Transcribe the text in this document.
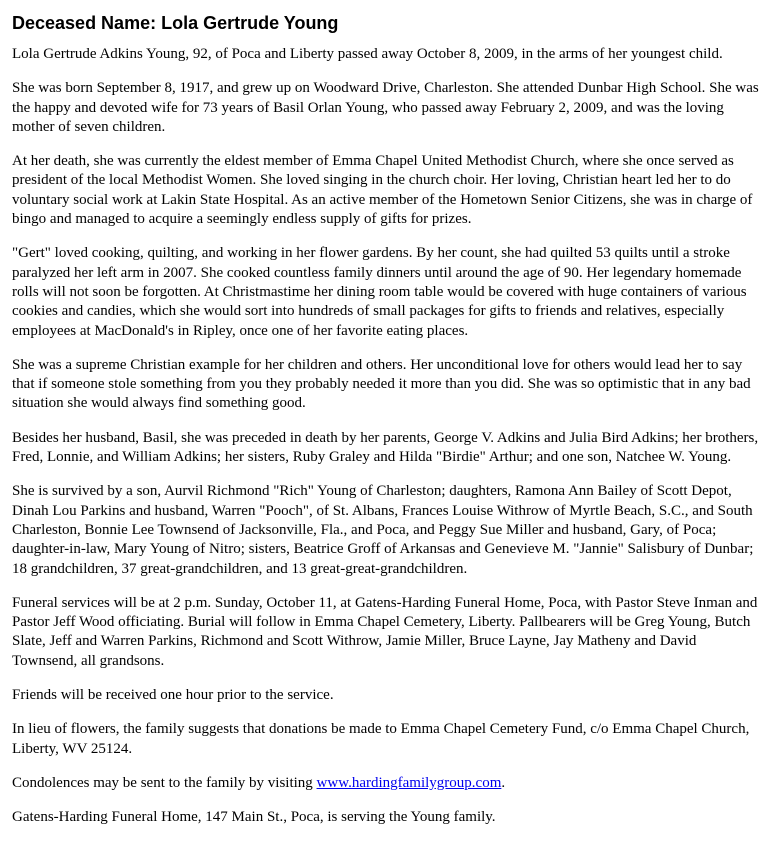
Deceased Name: Lola Gertrude Young

Lola Gertrude Adkins Young, 92, of Poca and Liberty passed away October 8, 2009, in the arms of her youngest child.

She was born September 8, 1917, and grew up on Woodward Drive, Charleston. She attended Dunbar High School. She was the happy and devoted wife for 73 years of Basil Orlan Young, who passed away February 2, 2009, and was the loving mother of seven children.

At her death, she was currently the eldest member of Emma Chapel United Methodist Church, where she once served as president of the local Methodist Women. She loved singing in the church choir. Her loving, Christian heart led her to do voluntary social work at Lakin State Hospital. As an active member of the Hometown Senior Citizens, she was in charge of bingo and managed to acquire a seemingly endless supply of gifts for prizes.

"Gert" loved cooking, quilting, and working in her flower gardens. By her count, she had quilted 53 quilts until a stroke paralyzed her left arm in 2007. She cooked countless family dinners until around the age of 90. Her legendary homemade rolls will not soon be forgotten. At Christmastime her dining room table would be covered with huge containers of various cookies and candies, which she would sort into hundreds of small packages for gifts to friends and relatives, especially employees at MacDonald's in Ripley, once one of her favorite eating places.

She was a supreme Christian example for her children and others. Her unconditional love for others would lead her to say that if someone stole something from you they probably needed it more than you did. She was so optimistic that in any bad situation she would always find something good.

Besides her husband, Basil, she was preceded in death by her parents, George V. Adkins and Julia Bird Adkins; her brothers, Fred, Lonnie, and William Adkins; her sisters, Ruby Graley and Hilda "Birdie" Arthur; and one son, Natchee W. Young.

She is survived by a son, Aurvil Richmond "Rich" Young of Charleston; daughters, Ramona Ann Bailey of Scott Depot, Dinah Lou Parkins and husband, Warren "Pooch", of St. Albans, Frances Louise Withrow of Myrtle Beach, S.C., and South Charleston, Bonnie Lee Townsend of Jacksonville, Fla., and Poca, and Peggy Sue Miller and husband, Gary, of Poca; daughter-in-law, Mary Young of Nitro; sisters, Beatrice Groff of Arkansas and Genevieve M. "Jannie" Salisbury of Dunbar; 18 grandchildren, 37 great-grandchildren, and 13 great-great-grandchildren.

Funeral services will be at 2 p.m. Sunday, October 11, at Gatens-Harding Funeral Home, Poca, with Pastor Steve Inman and Pastor Jeff Wood officiating. Burial will follow in Emma Chapel Cemetery, Liberty. Pallbearers will be Greg Young, Butch Slate, Jeff and Warren Parkins, Richmond and Scott Withrow, Jamie Miller, Bruce Layne, Jay Matheny and David Townsend, all grandsons.

Friends will be received one hour prior to the service.

In lieu of flowers, the family suggests that donations be made to Emma Chapel Cemetery Fund, c/o Emma Chapel Church, Liberty, WV 25124.

Condolences may be sent to the family by visiting www.hardingfamilygroup.com.

Gatens-Harding Funeral Home, 147 Main St., Poca, is serving the Young family.
